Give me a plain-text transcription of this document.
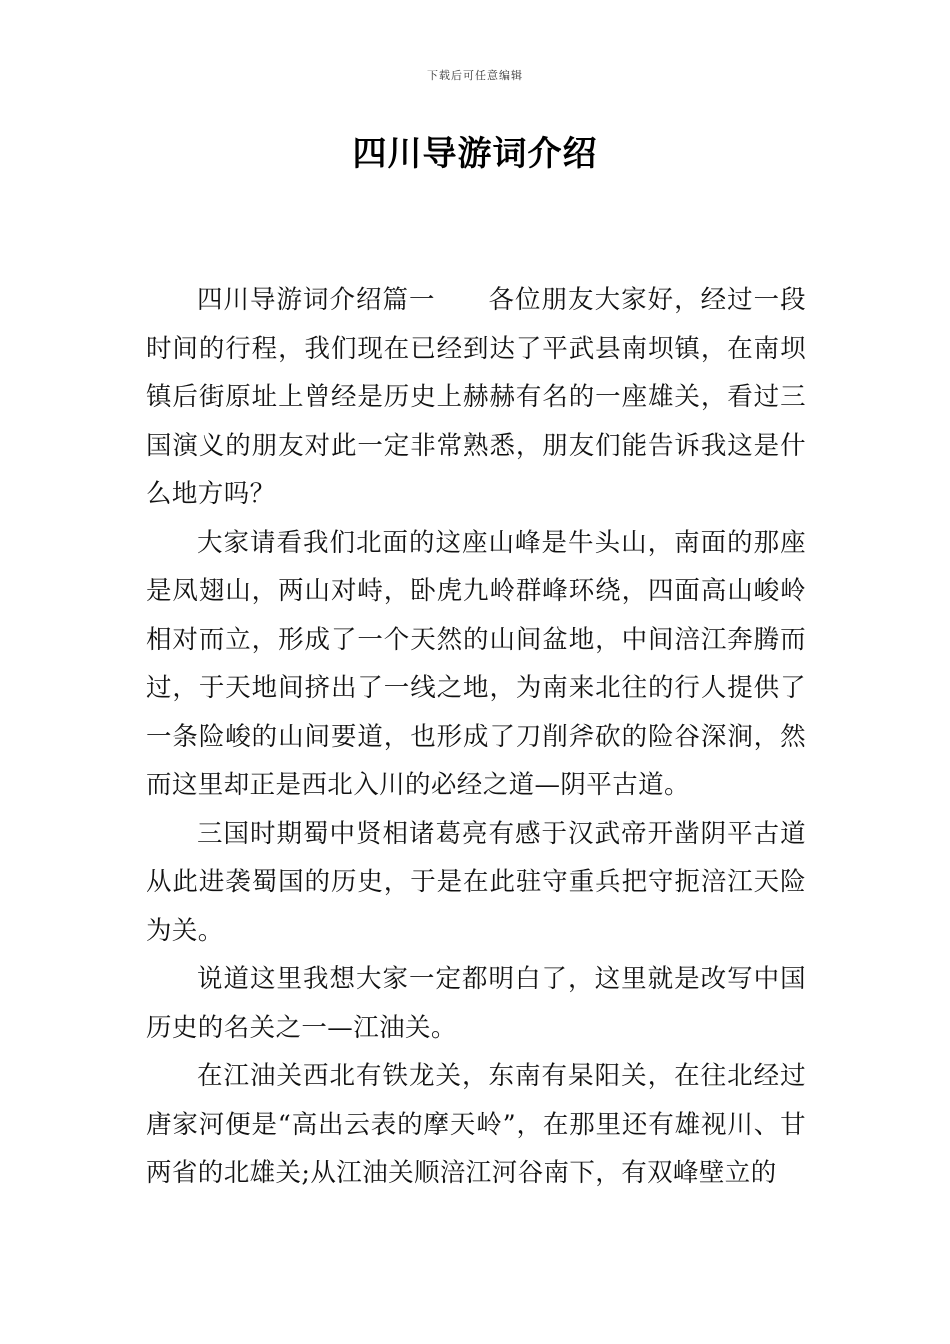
下载后可任意编辑
四川导游词介绍

四川导游词介绍篇一　　各位朋友大家好，经过一段时间的行程，我们现在已经到达了平武县南坝镇，在南坝镇后街原址上曾经是历史上赫赫有名的一座雄关，看过三国演义的朋友对此一定非常熟悉，朋友们能告诉我这是什么地方吗？

大家请看我们北面的这座山峰是牛头山，南面的那座是凤翅山，两山对峙，卧虎九岭群峰环绕，四面高山峻岭相对而立，形成了一个天然的山间盆地，中间涪江奔腾而过，于天地间挤出了一线之地，为南来北往的行人提供了一条险峻的山间要道，也形成了刀削斧砍的险谷深涧，然而这里却正是西北入川的必经之道—阴平古道。

三国时期蜀中贤相诸葛亮有感于汉武帝开凿阴平古道从此进袭蜀国的历史，于是在此驻守重兵把守扼涪江天险为关。

说道这里我想大家一定都明白了，这里就是改写中国历史的名关之一—江油关。

在江油关西北有铁龙关，东南有杲阳关，在往北经过唐家河便是“高出云表的摩天岭”，在那里还有雄视川、甘两省的北雄关;从江油关顺涪江河谷南下，有双峰壁立的
